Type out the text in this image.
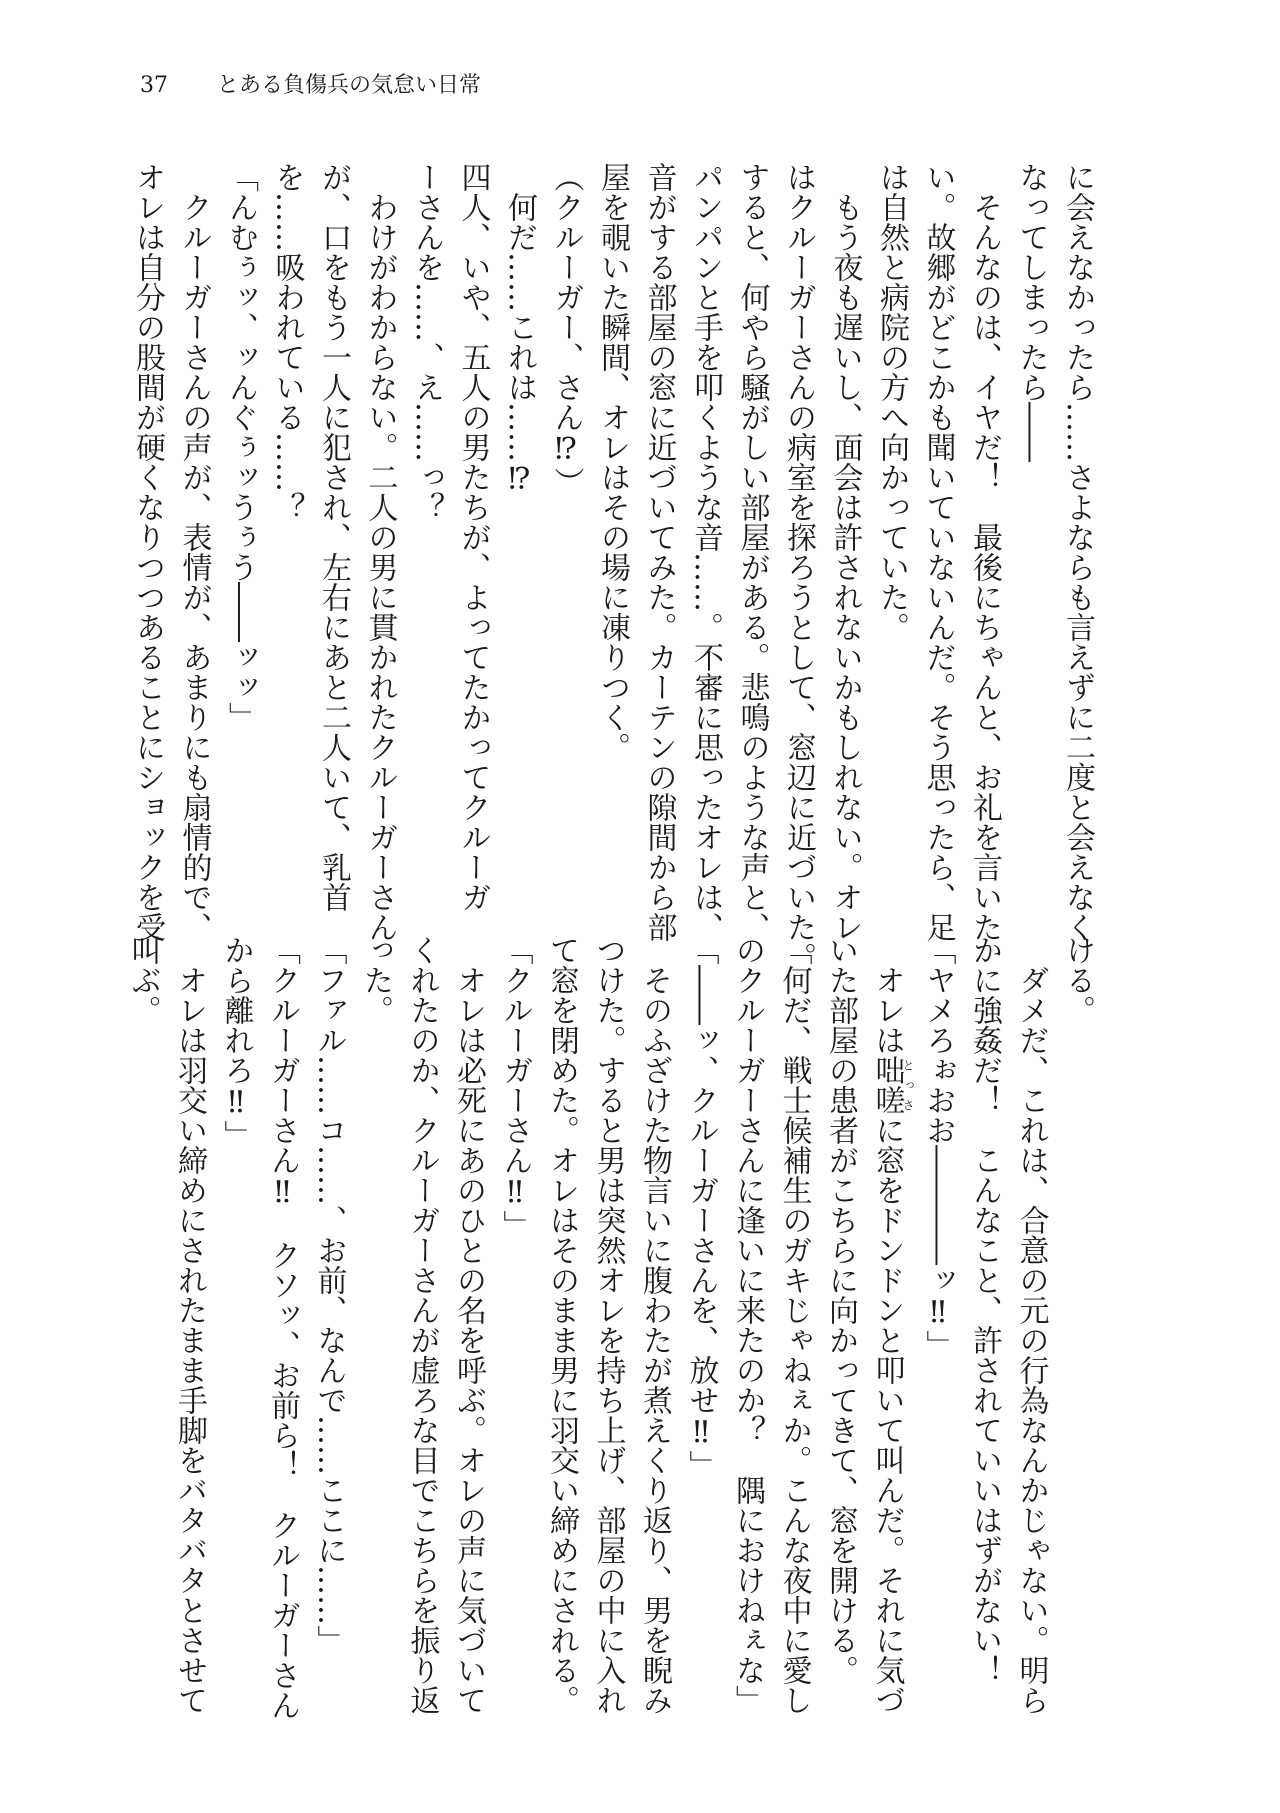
37 とある負傷兵の気怠い日常
に会えなかったら……さよならも言えずに二度と会えなく
なってしまったら――
　そんなのは、イヤだ！　最後にちゃんと、お礼を言いた
い。故郷がどこかも聞いていないんだ。そう思ったら、足
は自然と病院の方へ向かっていた。
　もう夜も遅いし、面会は許されないかもしれない。オレ
はクルーガーさんの病室を探ろうとして、窓辺に近づいた。
すると、何やら騒がしい部屋がある。悲鳴のような声と、
パンパンと手を叩くような音……。不審に思ったオレは、
音がする部屋の窓に近づいてみた。カーテンの隙間から部
屋を覗いた瞬間、オレはその場に凍りつく。
（クルーガー、さん⁉）
　何だ……これは……⁉
四人、いや、五人の男たちが、よってたかってクルーガ
ーさんを……、え……っ？
　わけがわからない。二人の男に貫かれたクルーガーさん
が、口をもう一人に犯され、左右にあと二人いて、乳首
を……吸われている……？
「んむぅッ、ッんぐぅッうぅう――ッッ」
　クルーガーさんの声が、表情が、あまりにも扇情的で、
オレは自分の股間が硬くなりつつあることにショックを受
ける。
　ダメだ、これは、合意の元の行為なんかじゃない。明ら
かに強姦だ！　こんなこと、許されていいはずがない！
「ヤメろぉおお――――ッ‼」
　オレは咄嗟とっさに窓をドンドンと叩いて叫んだ。それに気づ
いた部屋の患者がこちらに向かってきて、窓を開ける。
「何だ、戦士候補生のガキじゃねぇか。こんな夜中に愛し
のクルーガーさんに逢いに来たのか？　隅におけねぇな」
「――ッ、クルーガーさんを、放せ‼」
　そのふざけた物言いに腹わたが煮えくり返り、男を睨み
つけた。すると男は突然オレを持ち上げ、部屋の中に入れ
て窓を閉めた。オレはそのまま男に羽交い締めにされる。
「クルーガーさん‼」
　オレは必死にあのひとの名を呼ぶ。オレの声に気づいて
くれたのか、クルーガーさんが虚ろな目でこちらを振り返
った。
「ファル……コ……、お前、なんで……ここに……」
「クルーガーさん‼　クソッ、お前ら！　クルーガーさん
から離れろ‼」
　オレは羽交い締めにされたまま手脚をバタバタとさせて
叫ぶ。
